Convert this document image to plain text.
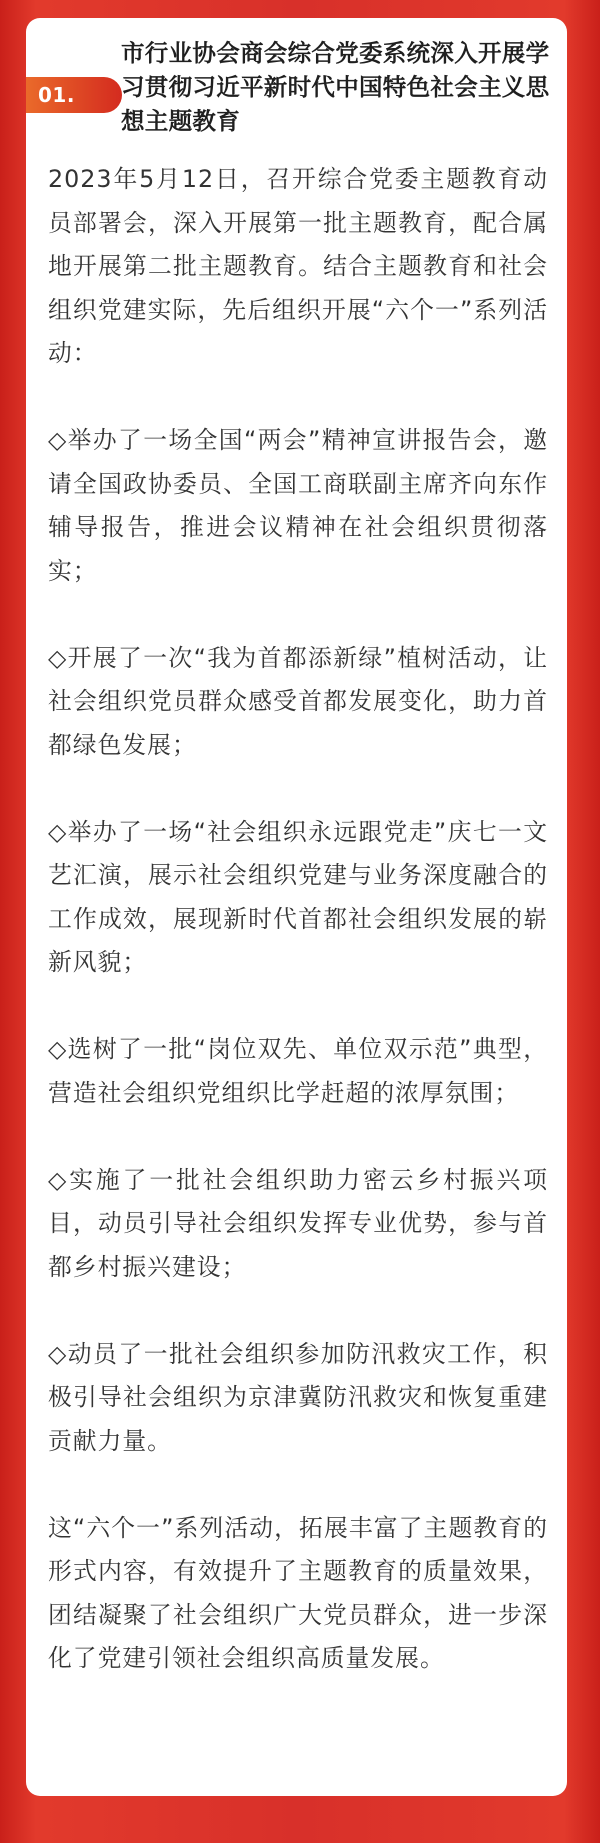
01.
市行业协会商会综合党委系统深入开展学习贯彻习近平新时代中国特色社会主义思想主题教育

2023年5月12日，召开综合党委主题教育动员部署会，深入开展第一批主题教育，配合属地开展第二批主题教育。结合主题教育和社会组织党建实际，先后组织开展“六个一”系列活动：

◇举办了一场全国“两会”精神宣讲报告会，邀请全国政协委员、全国工商联副主席齐向东作辅导报告，推进会议精神在社会组织贯彻落实；

◇开展了一次“我为首都添新绿”植树活动，让社会组织党员群众感受首都发展变化，助力首都绿色发展；

◇举办了一场“社会组织永远跟党走”庆七一文艺汇演，展示社会组织党建与业务深度融合的工作成效，展现新时代首都社会组织发展的崭新风貌；

◇选树了一批“岗位双先、单位双示范”典型，营造社会组织党组织比学赶超的浓厚氛围；

◇实施了一批社会组织助力密云乡村振兴项目，动员引导社会组织发挥专业优势，参与首都乡村振兴建设；

◇动员了一批社会组织参加防汛救灾工作，积极引导社会组织为京津冀防汛救灾和恢复重建贡献力量。

这“六个一”系列活动，拓展丰富了主题教育的形式内容，有效提升了主题教育的质量效果，团结凝聚了社会组织广大党员群众，进一步深化了党建引领社会组织高质量发展。
